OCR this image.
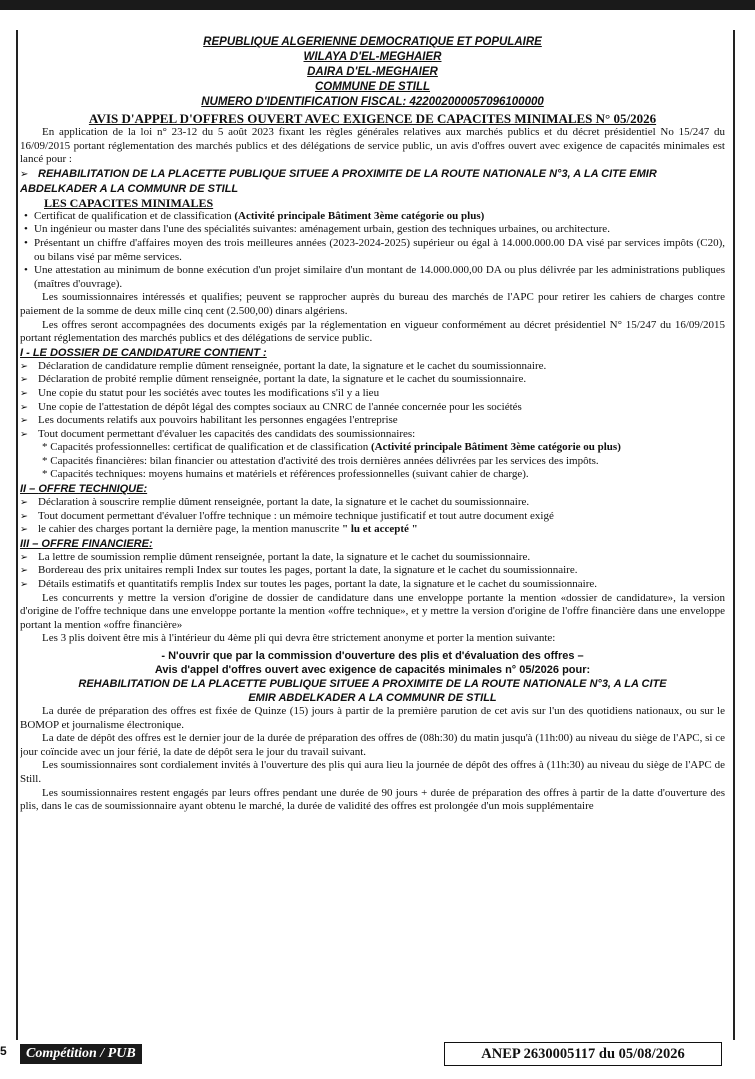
REPUBLIQUE ALGERIENNE DEMOCRATIQUE ET POPULAIRE
WILAYA D'EL-MEGHAIER
DAIRA D'EL-MEGHAIER
COMMUNE DE STILL
NUMERO D'IDENTIFICATION FISCAL: 422002000057096100000
AVIS D'APPEL D'OFFRES OUVERT AVEC EXIGENCE DE CAPACITES MINIMALES N° 05/2026

En application de la loi n° 23-12 du 5 août 2023 fixant les règles générales relatives aux marchés publics et du décret présidentiel No 15/247 du 16/09/2015 portant réglementation des marchés publics et des délégations de service public, un avis d'offres ouvert avec exigence de capacités minimales est lancé pour :

➢ REHABILITATION DE LA PLACETTE PUBLIQUE SITUEE A PROXIMITE DE LA ROUTE NATIONALE N°3, A LA CITE EMIR ABDELKADER A LA COMMUNR DE STILL
LES CAPACITES MINIMALES
• Certificat de qualification et de classification (Activité principale Bâtiment 3ème catégorie ou plus)
• Un ingénieur ou master dans l'une des spécialités suivantes: aménagement urbain, gestion des techniques urbaines, ou architecture.
• Présentant un chiffre d'affaires moyen des trois meilleures années (2023-2024-2025) supérieur ou égal à 14.000.000.00 DA visé par services impôts (C20), ou bilans visé par même services.
• Une attestation au minimum de bonne exécution d'un projet similaire d'un montant de 14.000.000,00 DA ou plus délivrée par les administrations publiques (maîtres d'ouvrage).

Les soumissionnaires intéressés et qualifies; peuvent se rapprocher auprès du bureau des marchés de l'APC pour retirer les cahiers de charges contre paiement de la somme de deux mille cinq cent (2.500,00) dinars algériens.

Les offres seront accompagnées des documents exigés par la réglementation en vigueur conformément au décret présidentiel N° 15/247 du 16/09/2015 portant réglementation des marchés publics et des délégations de service public.

I - LE DOSSIER DE CANDIDATURE CONTIENT :
➢ Déclaration de candidature remplie dûment renseignée, portant la date, la signature et le cachet du soumissionnaire.
➢ Déclaration de probité remplie dûment renseignée, portant la date, la signature et le cachet du soumissionnaire.
➢ Une copie du statut pour les sociétés avec toutes les modifications s'il y a lieu
➢ Une copie de l'attestation de dépôt légal des comptes sociaux au CNRC de l'année concernée pour les sociétés
➢ Les documents relatifs aux pouvoirs habilitant les personnes engagées l'entreprise
➢ Tout document permettant d'évaluer les capacités des candidats des soumissionnaires:

* Capacités professionnelles: certificat de qualification et de classification (Activité principale Bâtiment 3ème catégorie ou plus)

* Capacités financières: bilan financier ou attestation d'activité des trois dernières années délivrées par les services des impôts.

* Capacités techniques: moyens humains et matériels et références professionnelles (suivant cahier de charge).

II – OFFRE TECHNIQUE:
➢ Déclaration à souscrire remplie dûment renseignée, portant la date, la signature et le cachet du soumissionnaire.
➢ Tout document permettant d'évaluer l'offre technique : un mémoire technique justificatif et tout autre document exigé
➢ le cahier des charges portant la dernière page, la mention manuscrite " lu et accepté "
III – OFFRE FINANCIERE:
➢ La lettre de soumission remplie dûment renseignée, portant la date, la signature et le cachet du soumissionnaire.
➢ Bordereau des prix unitaires rempli Index sur toutes les pages, portant la date, la signature et le cachet du soumissionnaire.
➢ Détails estimatifs et quantitatifs remplis Index sur toutes les pages, portant la date, la signature et le cachet du soumissionnaire.

Les concurrents y mettre la version d'origine de dossier de candidature dans une enveloppe portante la mention «dossier de candidature», la version d'origine de l'offre technique dans une enveloppe portante la mention «offre technique», et y mettre la version d'origine de l'offre financière dans une enveloppe portant la mention «offre financière»

Les 3 plis doivent être mis à l'intérieur du 4ème pli qui devra être strictement anonyme et porter la mention suivante:

- N'ouvrir que par la commission d'ouverture des plis et d'évaluation des offres –
Avis d'appel d'offres ouvert avec exigence de capacités minimales n° 05/2026 pour:
REHABILITATION DE LA PLACETTE PUBLIQUE SITUEE A PROXIMITE DE LA ROUTE NATIONALE N°3, A LA CITE
EMIR ABDELKADER A LA COMMUNR DE STILL

La durée de préparation des offres est fixée de Quinze (15) jours à partir de la première parution de cet avis sur l'un des quotidiens nationaux, ou sur le BOMOP et journalisme électronique.

La date de dépôt des offres est le dernier jour de la durée de préparation des offres de (08h:30) du matin jusqu'à (11h:00) au niveau du siège de l'APC, si ce jour coïncide avec un jour férié, la date de dépôt sera le jour du travail suivant.

Les soumissionnaires sont cordialement invités à l'ouverture des plis qui aura lieu la journée de dépôt des offres à (11h:30) au niveau du siège de l'APC de Still.

Les soumissionnaires restent engagés par leurs offres pendant une durée de 90 jours + durée de préparation des offres à partir de la datte d'ouverture des plis, dans le cas de soumissionnaire ayant obtenu le marché, la durée de validité des offres est prolongée d'un mois supplémentaire

5	Compétition / PUB	ANEP 2630005117 du 05/08/2026
